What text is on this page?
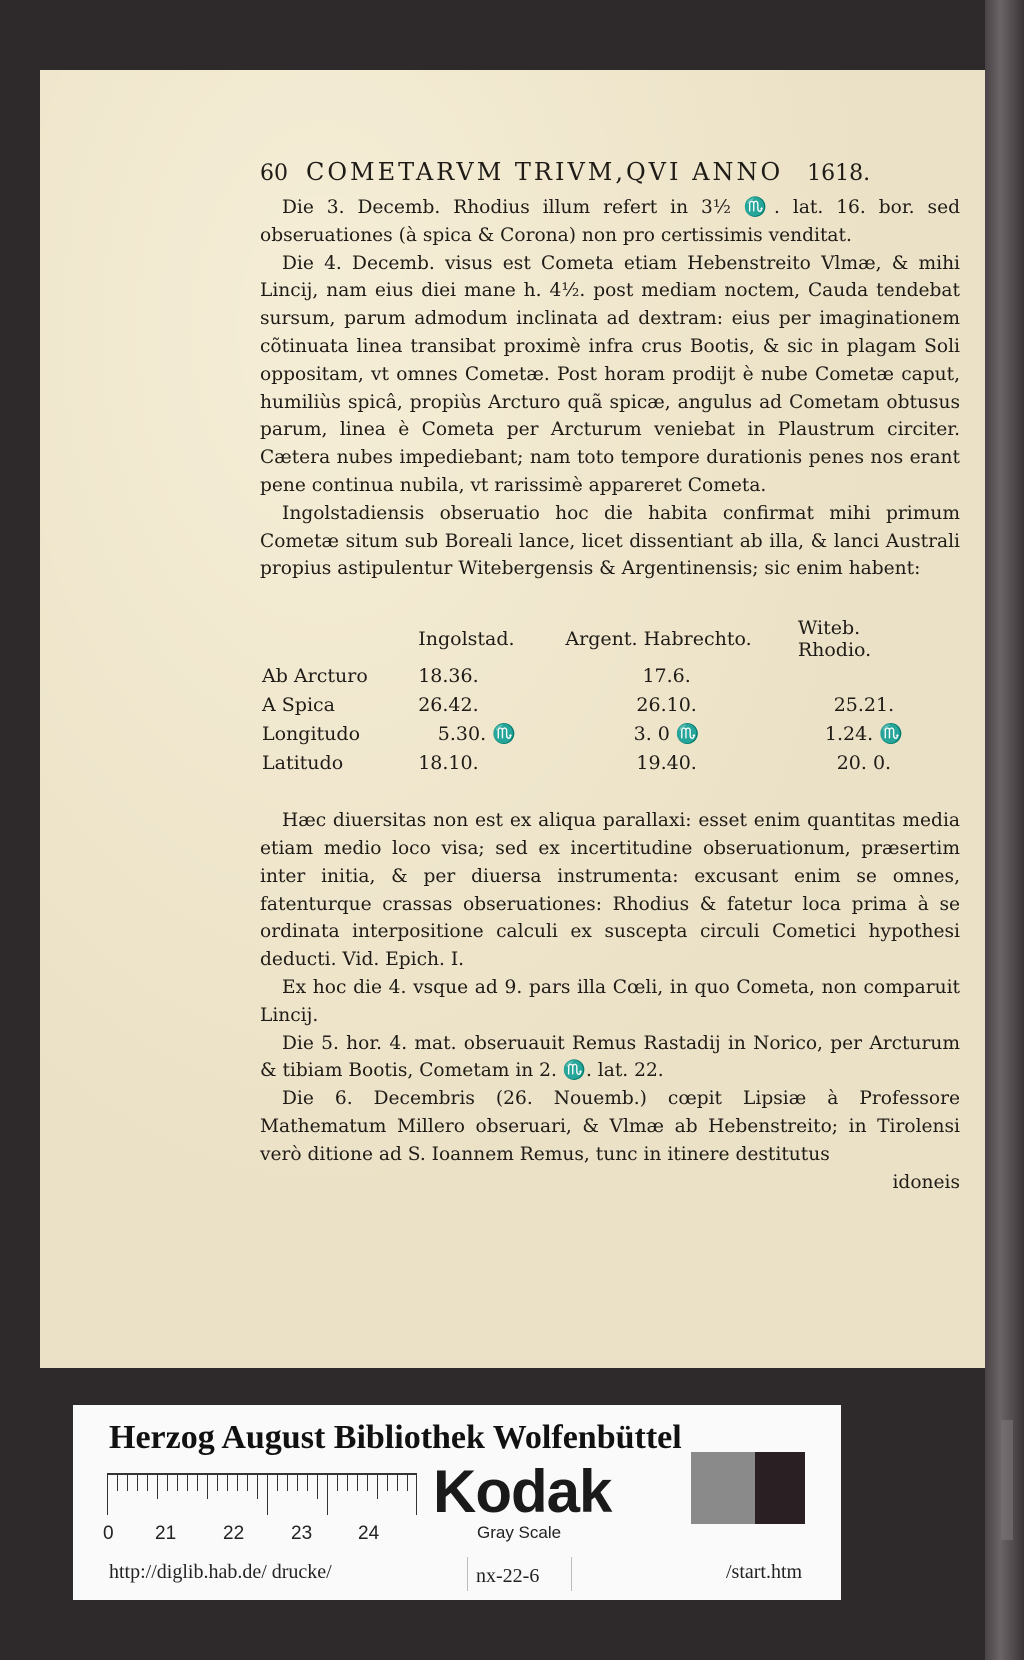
60 COMETARVM TRIVM,QVI ANNO 1618.

Die 3. Decemb. Rhodius illum refert in 3½ ♏. lat. 16. bor. sed obseruationes (à spica & Corona) non pro certissimis venditat.

Die 4. Decemb. visus est Cometa etiam Hebenstreito Vlmæ, & mihi Lincij, nam eius diei mane h. 4½. post mediam noctem, Cauda tendebat sursum, parum admodum inclinata ad dextram: eius per imaginationem cõtinuata linea transibat proximè infra crus Bootis, & sic in plagam Soli oppositam, vt omnes Cometæ. Post horam prodijt è nube Cometæ caput, humiliùs spicâ, propiùs Arcturo quã spicæ, angulus ad Cometam obtusus parum, linea è Cometa per Arcturum veniebat in Plaustrum circiter. Cætera nubes impediebant; nam toto tempore durationis penes nos erant pene continua nubila, vt rarissimè appareret Cometa.

Ingolstadiensis obseruatio hoc die habita confirmat mihi primum Cometæ situm sub Boreali lance, licet dissentiant ab illa, & lanci Australi propius astipulentur Witebergensis & Argentinensis; sic enim habent:

	Ingolstad.	Argent. Habrechto.	Witeb. Rhodio.
Ab Arcturo	18.36.	17.6.	
A Spica	26.42.	26.10.	25.21.
Longitudo	5.30. ♏	3. 0 ♏	1.24. ♏
Latitudo	18.10.	19.40.	20. 0.

Hæc diuersitas non est ex aliqua parallaxi: esset enim quantitas media etiam medio loco visa; sed ex incertitudine obseruationum, præsertim inter initia, & per diuersa instrumenta: excusant enim se omnes, fatenturque crassas obseruationes: Rhodius & fatetur loca prima à se ordinata interpositione calculi ex suscepta circuli Cometici hypothesi deducti. Vid. Epich. I.

Ex hoc die 4. vsque ad 9. pars illa Cœli, in quo Cometa, non comparuit Lincij.

Die 5. hor. 4. mat. obseruauit Remus Rastadij in Norico, per Arcturum & tibiam Bootis, Cometam in 2. ♏. lat. 22.

Die 6. Decembris (26. Nouemb.) cœpit Lipsiæ à Professore Mathematum Millero obseruari, & Vlmæ ab Hebenstreito; in Tirolensi verò ditione ad S. Ioannem Remus, tunc in itinere destitutus

idoneis

Herzog August Bibliothek Wolfenbüttel
0 21 22 23 24
Kodak
Gray Scale
http://diglib.hab.de/ drucke/	nx-22-6	/start.htm
